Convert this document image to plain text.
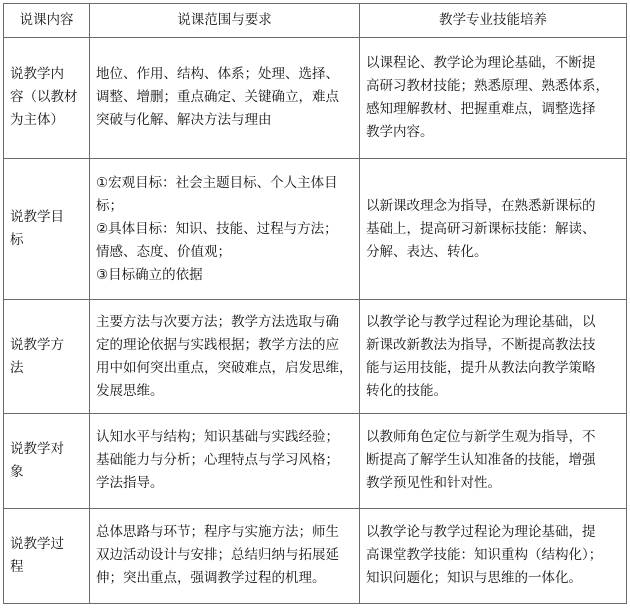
说课内容	说课范围与要求	教学专业技能培养

说教学内
容（以教材
为主体）	地位、作用、结构、体系；处理、选择、
调整、增删；重点确定、关键确立，难点
突破与化解、解决方法与理由	以课程论、教学论为理论基础，不断提
高研习教材技能；熟悉原理、熟悉体系，
感知理解教材、把握重难点，调整选择
教学内容。

说教学目
标	①宏观目标：社会主题目标、个人主体目
标；
②具体目标：知识、技能、过程与方法；
情感、态度、价值观；
③目标确立的依据	以新课改理念为指导，在熟悉新课标的
基础上，提高研习新课标技能：解读、
分解、表达、转化。

说教学方
法	主要方法与次要方法；教学方法选取与确
定的理论依据与实践根据；教学方法的应
用中如何突出重点，突破难点，启发思维，
发展思维。	以教学论与教学过程论为理论基础，以
新课改新教法为指导，不断提高教法技
能与运用技能，提升从教法向教学策略
转化的技能。

说教学对
象	认知水平与结构；知识基础与实践经验；
基础能力与分析；心理特点与学习风格；
学法指导。	以教师角色定位与新学生观为指导，不
断提高了解学生认知准备的技能，增强
教学预见性和针对性。

说教学过
程	总体思路与环节；程序与实施方法；师生
双边活动设计与安排；总结归纳与拓展延
伸；突出重点，强调教学过程的机理。	以教学论与教学过程论为理论基础，提
高课堂教学技能：知识重构（结构化）；
知识问题化；知识与思维的一体化。
